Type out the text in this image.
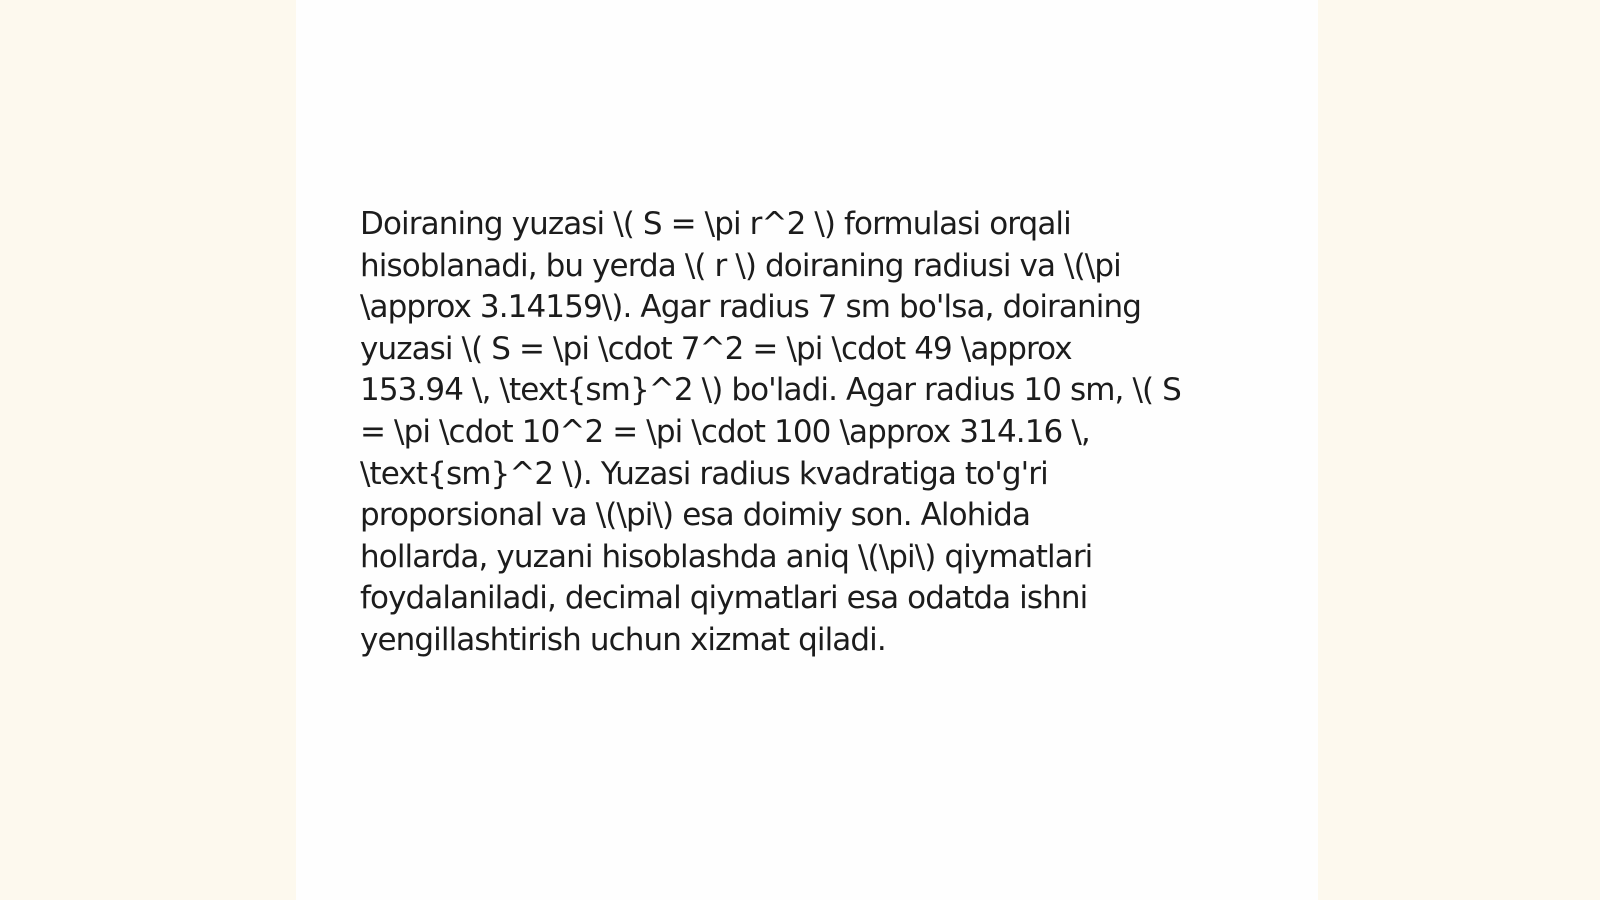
Doiraning yuzasi \( S = \pi r^2 \) formulasi orqali
hisoblanadi, bu yerda \( r \) doiraning radiusi va \(\pi
\approx 3.14159\). Agar radius 7 sm bo'lsa, doiraning
yuzasi \( S = \pi \cdot 7^2 = \pi \cdot 49 \approx
153.94 \, \text{sm}^2 \) bo'ladi. Agar radius 10 sm, \( S
= \pi \cdot 10^2 = \pi \cdot 100 \approx 314.16 \,
\text{sm}^2 \). Yuzasi radius kvadratiga to'g'ri
proporsional va \(\pi\) esa doimiy son. Alohida
hollarda, yuzani hisoblashda aniq \(\pi\) qiymatlari
foydalaniladi, decimal qiymatlari esa odatda ishni
yengillashtirish uchun xizmat qiladi.
